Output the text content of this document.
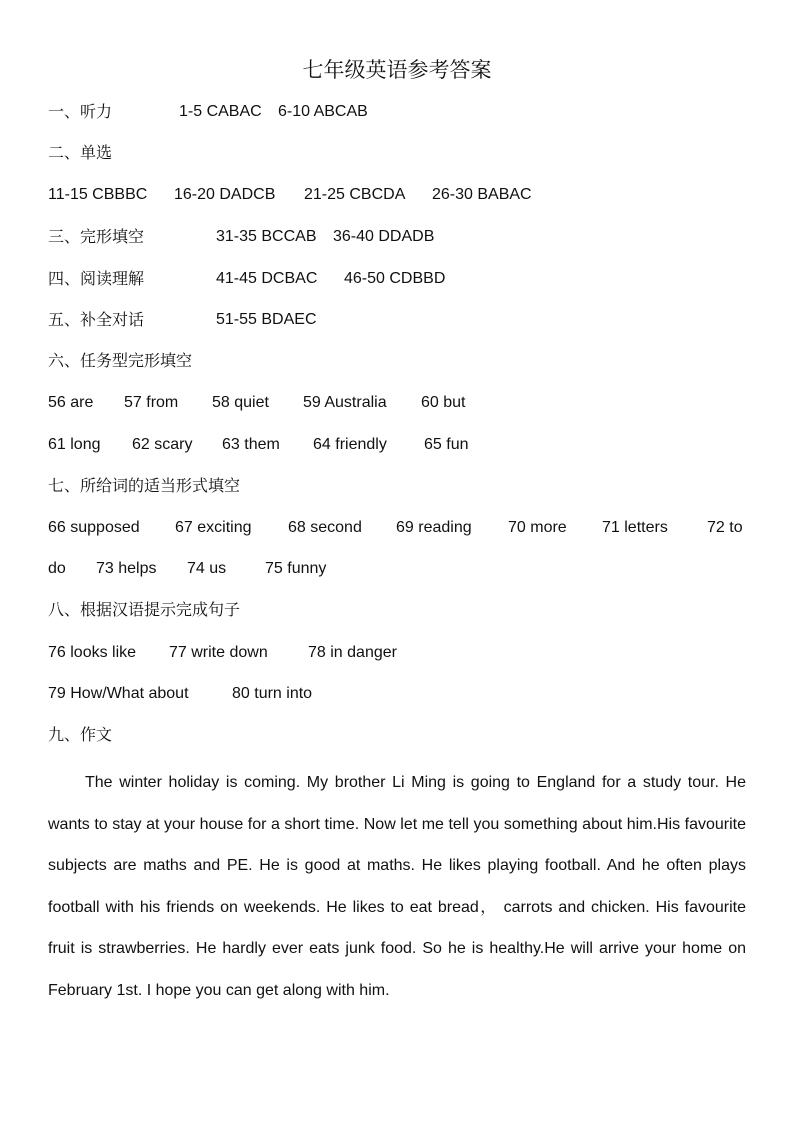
七年级英语参考答案
一、听力	1-5 CABAC 6-10 ABCAB
二、单选
11-15 CBBBC 16-20 DADCB 21-25 CBCDA 26-30 BABAC
三、完形填空	31-35 BCCAB 36-40 DDADB
四、阅读理解	41-45 DCBAC 46-50 CDBBD
五、补全对话	51-55 BDAEC
六、任务型完形填空
56 are 57 from 58 quiet 59 Australia 60 but
61 long 62 scary 63 them 64 friendly 65 fun
七、所给词的适当形式填空
66 supposed 67 exciting 68 second 69 reading 70 more 71 letters 72 to
do 73 helps 74 us 75 funny
八、根据汉语提示完成句子
76 looks like 77 write down	78 in danger
79 How/What about	80 turn into
九、作文
The winter holiday is coming. My brother Li Ming is going to England for a study tour. He wants to stay at your house for a short time. Now let me tell you something about him.His favourite subjects are maths and PE. He is good at maths. He likes playing football. And he often plays football with his friends on weekends. He likes to eat bread， carrots and chicken. His favourite fruit is strawberries. He hardly ever eats junk food. So he is healthy.He will arrive your home on February 1st. I hope you can get along with him.
